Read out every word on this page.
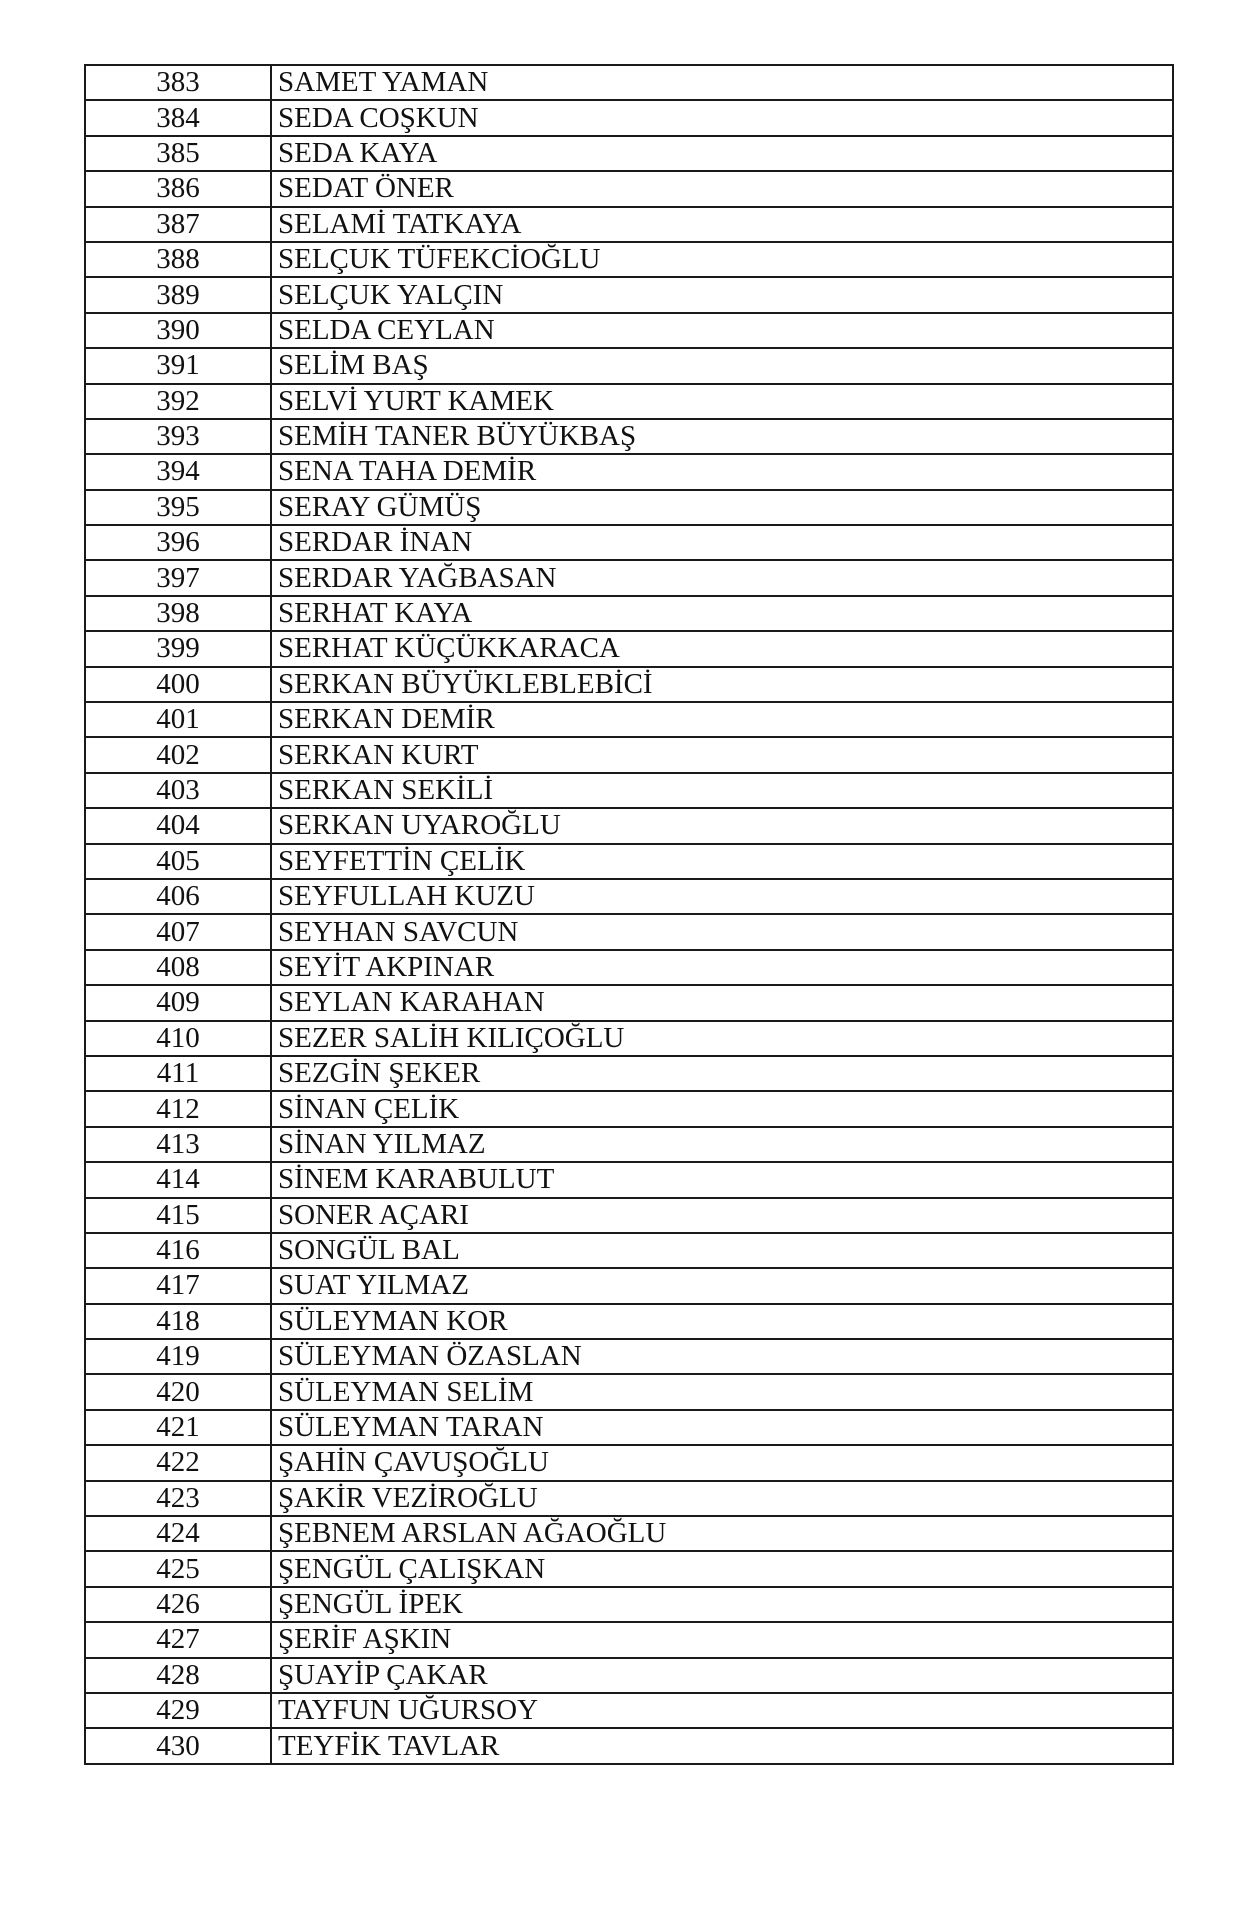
383	SAMET YAMAN
384	SEDA COŞKUN
385	SEDA KAYA
386	SEDAT ÖNER
387	SELAMİ TATKAYA
388	SELÇUK TÜFEKCİOĞLU
389	SELÇUK YALÇIN
390	SELDA CEYLAN
391	SELİM BAŞ
392	SELVİ YURT KAMEK
393	SEMİH TANER BÜYÜKBAŞ
394	SENA TAHA DEMİR
395	SERAY GÜMÜŞ
396	SERDAR İNAN
397	SERDAR YAĞBASAN
398	SERHAT KAYA
399	SERHAT KÜÇÜKKARACA
400	SERKAN BÜYÜKLEBLEBİCİ
401	SERKAN DEMİR
402	SERKAN KURT
403	SERKAN SEKİLİ
404	SERKAN UYAROĞLU
405	SEYFETTİN ÇELİK
406	SEYFULLAH KUZU
407	SEYHAN SAVCUN
408	SEYİT AKPINAR
409	SEYLAN KARAHAN
410	SEZER SALİH KILIÇOĞLU
411	SEZGİN ŞEKER
412	SİNAN ÇELİK
413	SİNAN YILMAZ
414	SİNEM KARABULUT
415	SONER AÇARI
416	SONGÜL BAL
417	SUAT YILMAZ
418	SÜLEYMAN KOR
419	SÜLEYMAN ÖZASLAN
420	SÜLEYMAN SELİM
421	SÜLEYMAN TARAN
422	ŞAHİN ÇAVUŞOĞLU
423	ŞAKİR VEZİROĞLU
424	ŞEBNEM ARSLAN AĞAOĞLU
425	ŞENGÜL ÇALIŞKAN
426	ŞENGÜL İPEK
427	ŞERİF AŞKIN
428	ŞUAYİP ÇAKAR
429	TAYFUN UĞURSOY
430	TEYFİK TAVLAR
